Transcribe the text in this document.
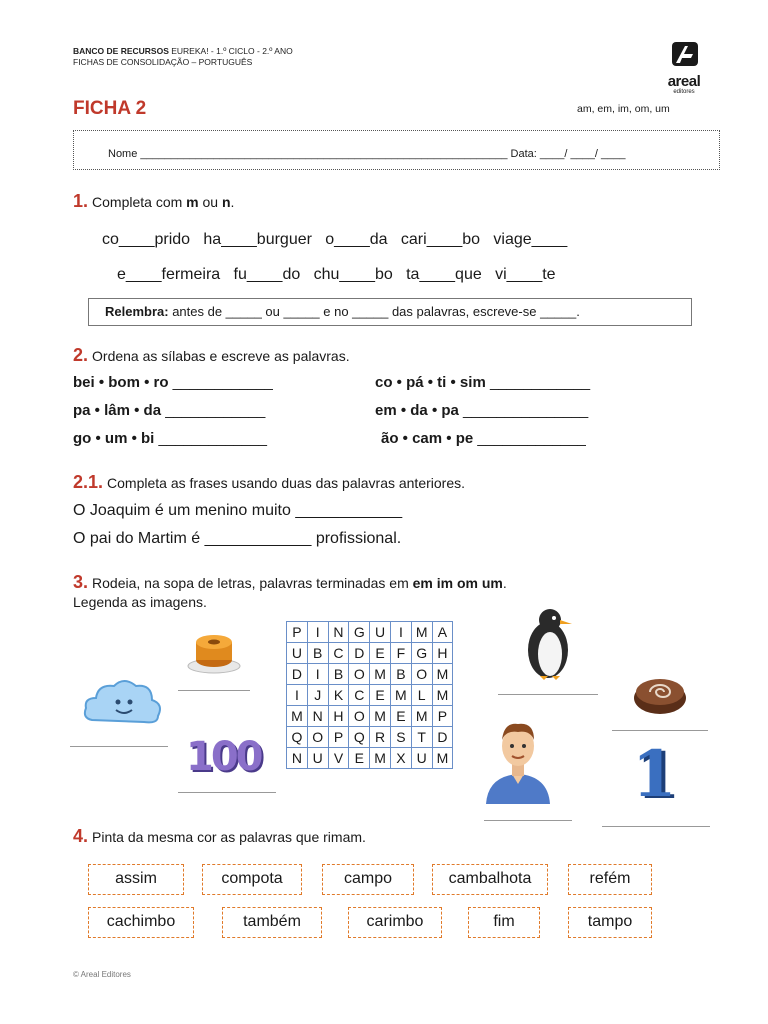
BANCO DE RECURSOS EUREKA! - 1.º CICLO - 2.º ANO
FICHAS DE CONSOLIDAÇÃO – PORTUGUÊS
areal
editores
FICHA 2	am, em, im, om, um
Nome ____________________________________________________________ Data: ____/ ____/ ____
1. Completa com m ou n.
co____prido   ha____burguer   o____da   cari____bo   viage____
e____fermeira   fu____do   chu____bo   ta____que   vi____te
Relembra: antes de _____ ou _____ e no _____ das palavras, escreve-se _____.
2. Ordena as sílabas e escreve as palavras.
bei • bom • ro ____________
pa • lâm • da ____________
go • um • bi _____________
co • pá • ti • sim ____________
em • da • pa _______________
ão • cam • pe _____________
2.1. Completa as frases usando duas das palavras anteriores.
O Joaquim é um menino muito ____________
O pai do Martim é ____________ profissional.
3. Rodeia, na sopa de letras, palavras terminadas em em im om um.
Legenda as imagens.
P	I	N	G	U	I	M	A
U	B	C	D	E	F	G	H
D	I	B	O	M	B	O	M
I	J	K	C	E	M	L	M
M	N	H	O	M	E	M	P
Q	O	P	Q	R	S	T	D
N	U	V	E	M	X	U	M
100	1
4. Pinta da mesma cor as palavras que rimam.
assim	compota	campo	cambalhota	refém
cachimbo	também	carimbo	fim	tampo
© Areal Editores
